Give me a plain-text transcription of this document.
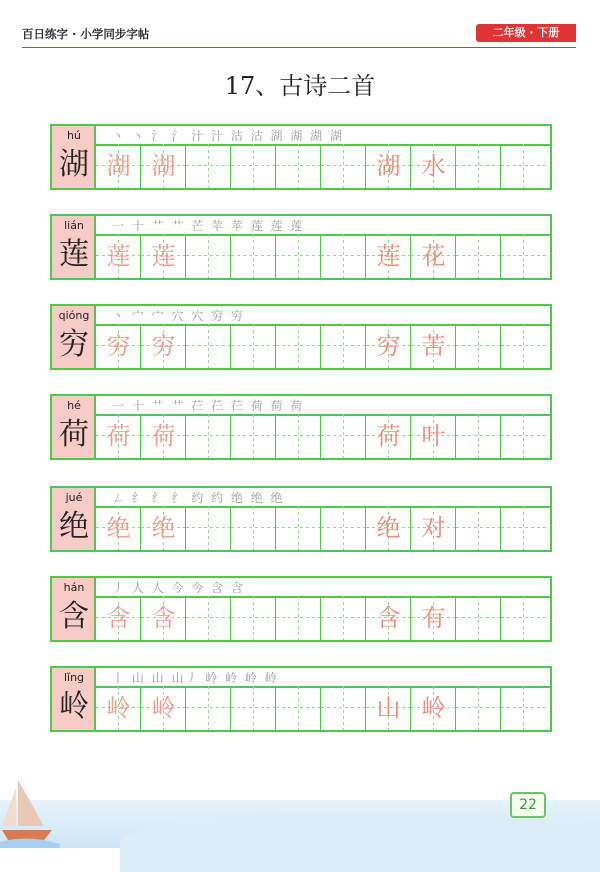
百日练字 · 小学同步字帖	二年级 · 下册
17、古诗二首
hú
湖
丶 丶 氵 氵 汁 汁 沽 沽 湖 湖 湖 湖
湖 湖	湖 水
lián
莲
一 十 艹 艹 芒 苹 苹 莲 莲 莲
莲 莲	莲 花
qióng
穷
丶 宀 宀 穴 穴 穷 穷
穷 穷	穷 苦
hé
荷
一 十 艹 艹 芢 芢 芢 荷 荷 荷
荷 荷	荷 叶
jué
绝
ㄥ 纟 纟 纟 约 约 绝 绝 绝
绝 绝	绝 对
hán
含
丿 人 人 今 今 含 含
含 含	含 有
lǐng
岭
丨 山 山 山丿 岭 岭 岭 岭
岭 岭	山 岭
22
